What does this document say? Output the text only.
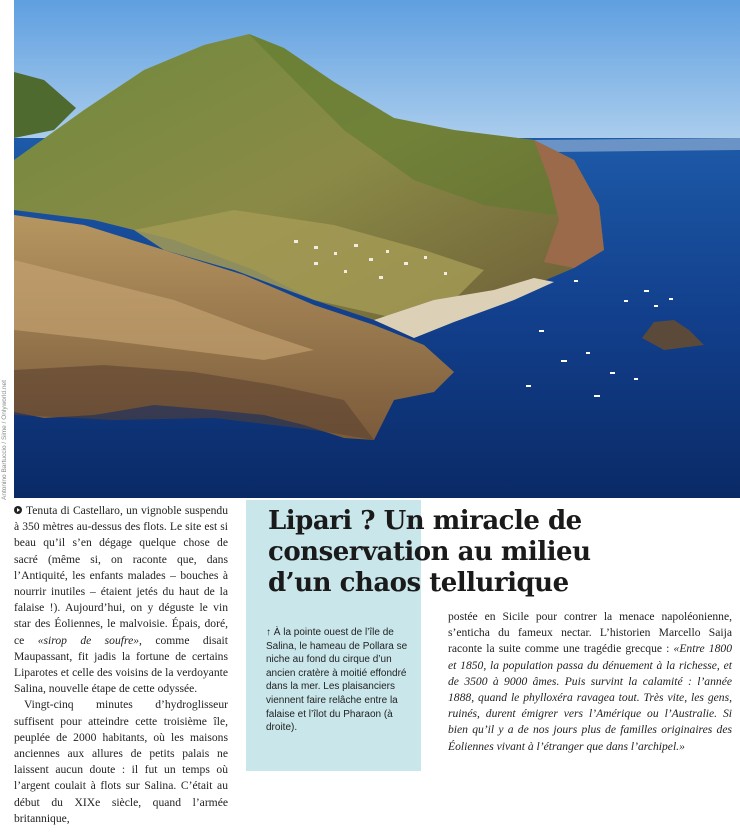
Antonino Bartuccio / Sime / Onlyworld.net

Tenuta di Castellaro, un vignoble suspendu à 350 mètres au-dessus des flots. Le site est si beau qu’il s’en dégage quelque chose de sacré (même si, on raconte que, dans l’Antiquité, les enfants malades – bouches à nourrir inutiles – étaient jetés du haut de la falaise !). Aujourd’hui, on y déguste le vin star des Éoliennes, le malvoisie. Épais, doré, ce «sirop de soufre», comme disait Maupassant, fit jadis la fortune de certains Liparotes et celle des voisins de la verdoyante Salina, nouvelle étape de cette odyssée.

Vingt-cinq minutes d’hydroglisseur suffisent pour atteindre cette troisième île, peuplée de 2000 habitants, où les maisons anciennes aux allures de petits palais ne laissent aucun doute : il fut un temps où l’argent coulait à flots sur Salina. C’était au début du XIXe siècle, quand l’armée britannique,

Lipari ? Un miracle de conservation au milieu d’un chaos tellurique
↑ À la pointe ouest de l’île de Salina, le hameau de Pollara se niche au fond du cirque d’un ancien cratère à moitié effondré dans la mer. Les plaisanciers viennent faire relâche entre la falaise et l’îlot du Pharaon (à droite).

postée en Sicile pour contrer la menace napoléonienne, s’enticha du fameux nectar. L’historien Marcello Saija raconte la suite comme une tragédie grecque : «Entre 1800 et 1850, la population passa du dénuement à la richesse, et de 3500 à 9000 âmes. Puis survint la calamité : l’année 1888, quand le phylloxéra ravagea tout. Très vite, les gens, ruinés, durent émigrer vers l’Amérique ou l’Australie. Si bien qu’il y a de nos jours plus de familles originaires des Éoliennes vivant à l’étranger que dans l’archipel.»
